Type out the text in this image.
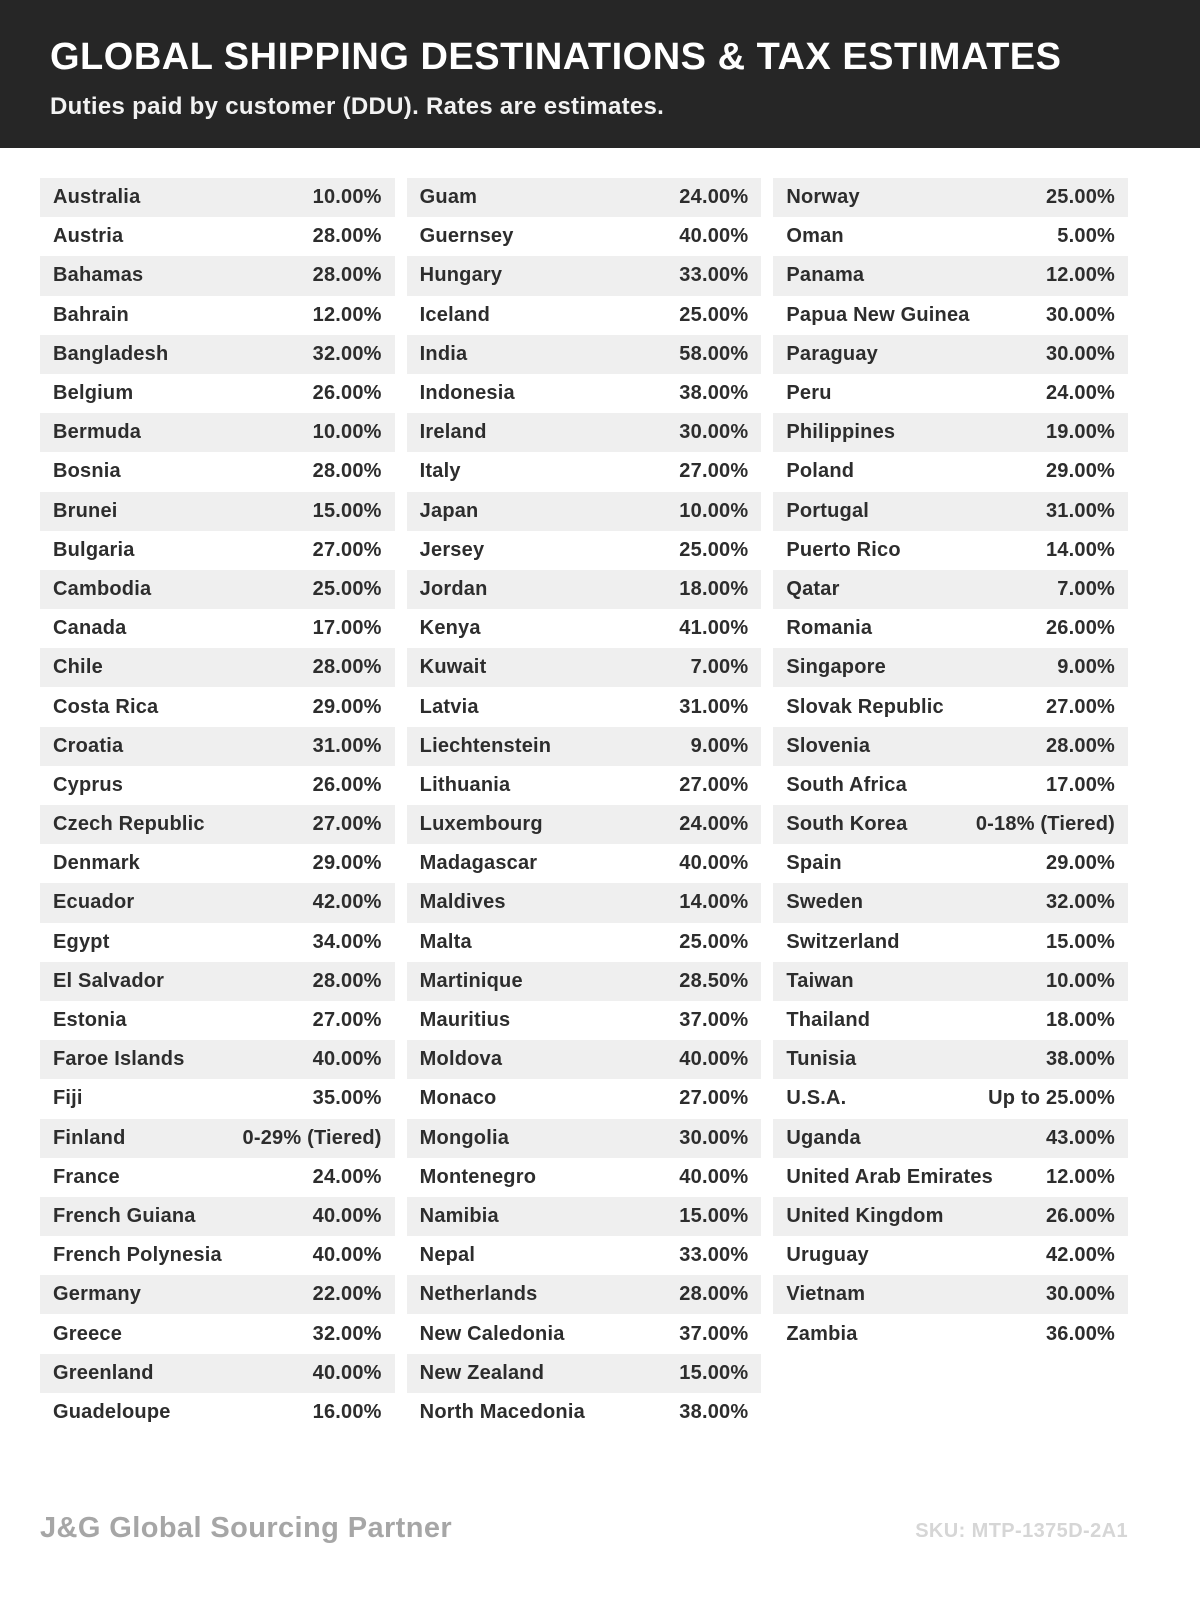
GLOBAL SHIPPING DESTINATIONS & TAX ESTIMATES
Duties paid by customer (DDU). Rates are estimates.
Australia	10.00%
Austria	28.00%
Bahamas	28.00%
Bahrain	12.00%
Bangladesh	32.00%
Belgium	26.00%
Bermuda	10.00%
Bosnia	28.00%
Brunei	15.00%
Bulgaria	27.00%
Cambodia	25.00%
Canada	17.00%
Chile	28.00%
Costa Rica	29.00%
Croatia	31.00%
Cyprus	26.00%
Czech Republic	27.00%
Denmark	29.00%
Ecuador	42.00%
Egypt	34.00%
El Salvador	28.00%
Estonia	27.00%
Faroe Islands	40.00%
Fiji	35.00%
Finland	0-29% (Tiered)
France	24.00%
French Guiana	40.00%
French Polynesia	40.00%
Germany	22.00%
Greece	32.00%
Greenland	40.00%
Guadeloupe	16.00%
Guam	24.00%
Guernsey	40.00%
Hungary	33.00%
Iceland	25.00%
India	58.00%
Indonesia	38.00%
Ireland	30.00%
Italy	27.00%
Japan	10.00%
Jersey	25.00%
Jordan	18.00%
Kenya	41.00%
Kuwait	7.00%
Latvia	31.00%
Liechtenstein	9.00%
Lithuania	27.00%
Luxembourg	24.00%
Madagascar	40.00%
Maldives	14.00%
Malta	25.00%
Martinique	28.50%
Mauritius	37.00%
Moldova	40.00%
Monaco	27.00%
Mongolia	30.00%
Montenegro	40.00%
Namibia	15.00%
Nepal	33.00%
Netherlands	28.00%
New Caledonia	37.00%
New Zealand	15.00%
North Macedonia	38.00%
Norway	25.00%
Oman	5.00%
Panama	12.00%
Papua New Guinea	30.00%
Paraguay	30.00%
Peru	24.00%
Philippines	19.00%
Poland	29.00%
Portugal	31.00%
Puerto Rico	14.00%
Qatar	7.00%
Romania	26.00%
Singapore	9.00%
Slovak Republic	27.00%
Slovenia	28.00%
South Africa	17.00%
South Korea	0-18% (Tiered)
Spain	29.00%
Sweden	32.00%
Switzerland	15.00%
Taiwan	10.00%
Thailand	18.00%
Tunisia	38.00%
U.S.A.	Up to 25.00%
Uganda	43.00%
United Arab Emirates	12.00%
United Kingdom	26.00%
Uruguay	42.00%
Vietnam	30.00%
Zambia	36.00%
J&G Global Sourcing Partner	SKU: MTP-1375D-2A1
